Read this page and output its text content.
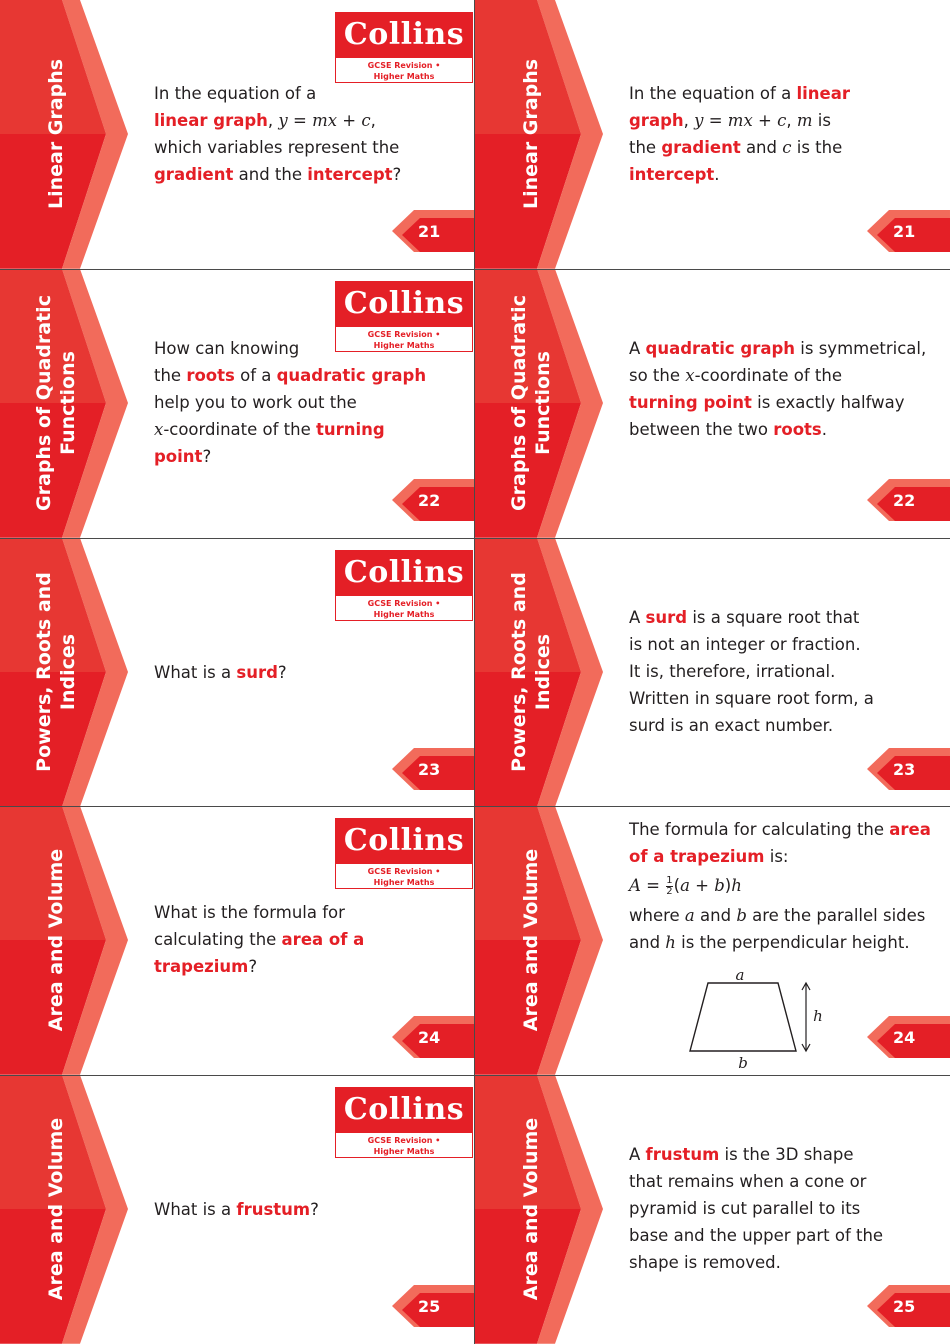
Linear Graphs
Collins
GCSE Revision •
Higher Maths
In the equation of a
linear graph, y = mx + c,
which variables represent the
gradient and the intercept?
21
Linear Graphs	In the equation of a linear
graph, y = mx + c, m is
the gradient and c is the
intercept.
21
Graphs of Quadratic Functions
Collins
GCSE Revision •
Higher Maths
How can knowing
the roots of a quadratic graph
help you to work out the
x-coordinate of the turning
point?
22	Graphs of Quadratic Functions
A quadratic graph is symmetrical,
so the x-coordinate of the
turning point is exactly halfway
between the two roots.
22
Powers, Roots and Indices
Collins
GCSE Revision •
Higher Maths
What is a surd?
23	Powers, Roots and Indices
A surd is a square root that
is not an integer or fraction.
It is, therefore, irrational.
Written in square root form, a
surd is an exact number.
23
Area and Volume
Collins
GCSE Revision •
Higher Maths
What is the formula for
calculating the area of a
trapezium?
24
Area and Volume
The formula for calculating the area
of a trapezium is:
$A = \frac{1}{2} (a + b)h$
where a and b are the parallel sides
and h is the perpendicular height.
a
b
h
24
Area and Volume
Collins
GCSE Revision •
Higher Maths
What is a frustum?
25
Area and Volume	A frustum is the 3D shape
that remains when a cone or
pyramid is cut parallel to its
base and the upper part of the
shape is removed.
25
